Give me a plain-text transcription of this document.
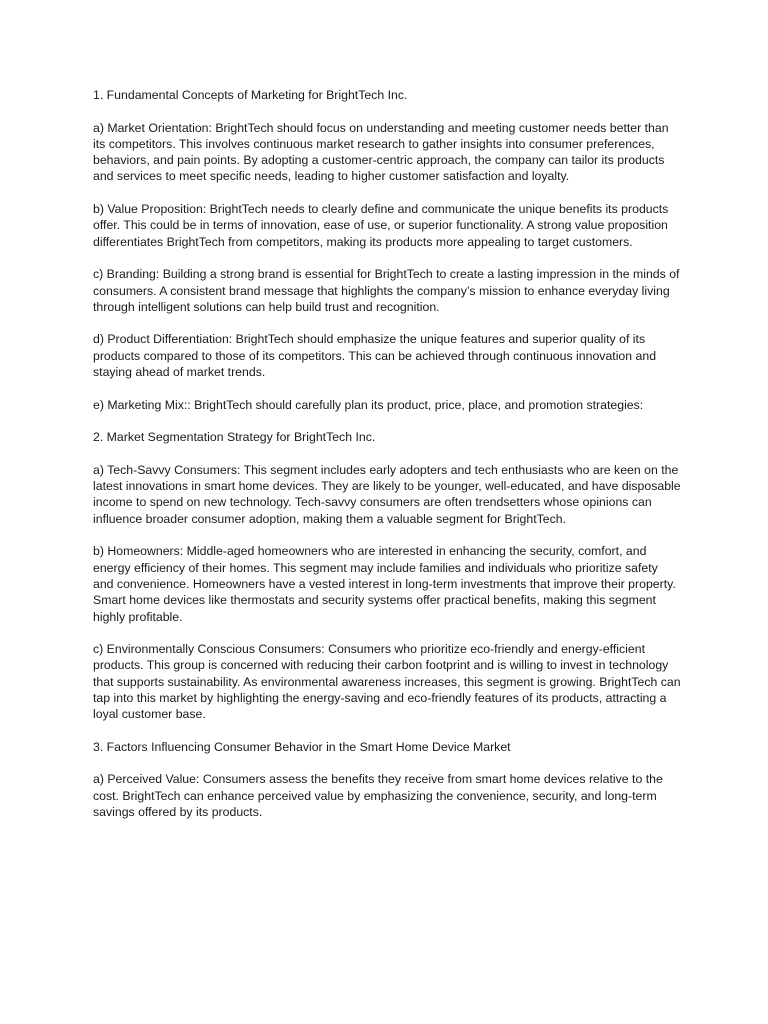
1. Fundamental Concepts of Marketing for BrightTech Inc.

a) Market Orientation: BrightTech should focus on understanding and meeting customer needs better than its competitors. This involves continuous market research to gather insights into consumer preferences, behaviors, and pain points. By adopting a customer-centric approach, the company can tailor its products and services to meet specific needs, leading to higher customer satisfaction and loyalty.

b) Value Proposition: BrightTech needs to clearly define and communicate the unique benefits its products offer. This could be in terms of innovation, ease of use, or superior functionality. A strong value proposition differentiates BrightTech from competitors, making its products more appealing to target customers.

c) Branding: Building a strong brand is essential for BrightTech to create a lasting impression in the minds of consumers. A consistent brand message that highlights the company’s mission to enhance everyday living through intelligent solutions can help build trust and recognition.

d) Product Differentiation: BrightTech should emphasize the unique features and superior quality of its products compared to those of its competitors. This can be achieved through continuous innovation and staying ahead of market trends.

e) Marketing Mix:: BrightTech should carefully plan its product, price, place, and promotion strategies:

2. Market Segmentation Strategy for BrightTech Inc.

a) Tech-Savvy Consumers: This segment includes early adopters and tech enthusiasts who are keen on the latest innovations in smart home devices. They are likely to be younger, well-educated, and have disposable income to spend on new technology. Tech-savvy consumers are often trendsetters whose opinions can influence broader consumer adoption, making them a valuable segment for BrightTech.

b) Homeowners: Middle-aged homeowners who are interested in enhancing the security, comfort, and energy efficiency of their homes. This segment may include families and individuals who prioritize safety and convenience. Homeowners have a vested interest in long-term investments that improve their property. Smart home devices like thermostats and security systems offer practical benefits, making this segment highly profitable.

c) Environmentally Conscious Consumers: Consumers who prioritize eco-friendly and energy-efficient products. This group is concerned with reducing their carbon footprint and is willing to invest in technology that supports sustainability. As environmental awareness increases, this segment is growing. BrightTech can tap into this market by highlighting the energy-saving and eco-friendly features of its products, attracting a loyal customer base.

3. Factors Influencing Consumer Behavior in the Smart Home Device Market

a) Perceived Value: Consumers assess the benefits they receive from smart home devices relative to the cost. BrightTech can enhance perceived value by emphasizing the convenience, security, and long-term savings offered by its products.
